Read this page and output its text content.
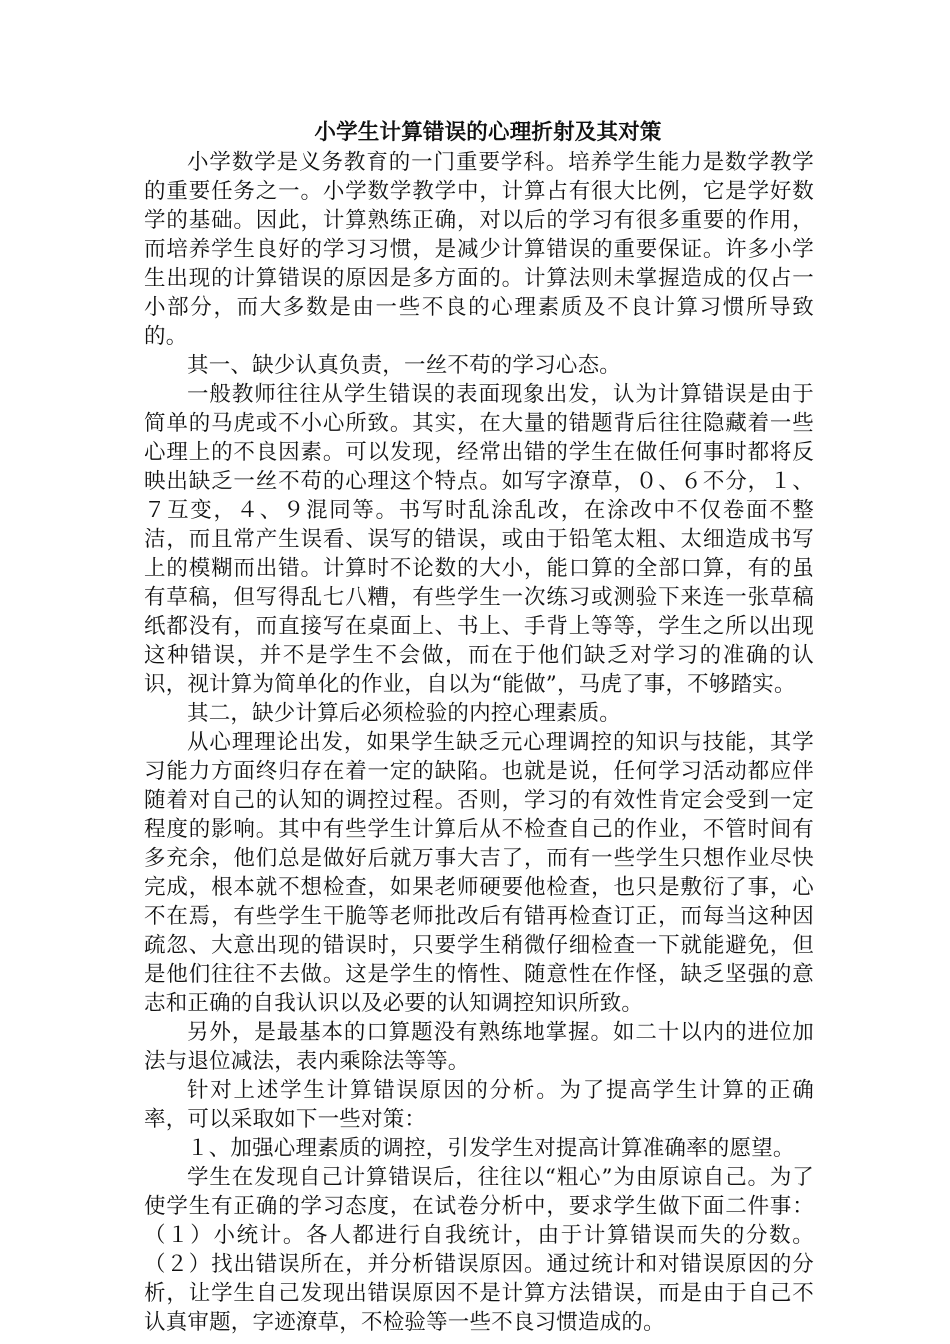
小学生计算错误的心理折射及其对策

小学数学是义务教育的一门重要学科。培养学生能力是数学教学的重要任务之一。小学数学教学中，计算占有很大比例，它是学好数学的基础。因此，计算熟练正确，对以后的学习有很多重要的作用，而培养学生良好的学习习惯，是减少计算错误的重要保证。许多小学生出现的计算错误的原因是多方面的。计算法则未掌握造成的仅占一小部分，而大多数是由一些不良的心理素质及不良计算习惯所导致的。

其一、缺少认真负责，一丝不苟的学习心态。

一般教师往往从学生错误的表面现象出发，认为计算错误是由于简单的马虎或不小心所致。其实，在大量的错题背后往往隐藏着一些心理上的不良因素。可以发现，经常出错的学生在做任何事时都将反映出缺乏一丝不苟的心理这个特点。如写字潦草，０、６不分，１、７互变，４、９混同等。书写时乱涂乱改，在涂改中不仅卷面不整洁，而且常产生误看、误写的错误，或由于铅笔太粗、太细造成书写上的模糊而出错。计算时不论数的大小，能口算的全部口算，有的虽有草稿，但写得乱七八糟，有些学生一次练习或测验下来连一张草稿纸都没有，而直接写在桌面上、书上、手背上等等，学生之所以出现这种错误，并不是学生不会做，而在于他们缺乏对学习的准确的认识，视计算为简单化的作业，自以为“能做”，马虎了事，不够踏实。

其二，缺少计算后必须检验的内控心理素质。

从心理理论出发，如果学生缺乏元心理调控的知识与技能，其学习能力方面终归存在着一定的缺陷。也就是说，任何学习活动都应伴随着对自己的认知的调控过程。否则，学习的有效性肯定会受到一定程度的影响。其中有些学生计算后从不检查自己的作业，不管时间有多充余，他们总是做好后就万事大吉了，而有一些学生只想作业尽快完成，根本就不想检查，如果老师硬要他检查，也只是敷衍了事，心不在焉，有些学生干脆等老师批改后有错再检查订正，而每当这种因疏忽、大意出现的错误时，只要学生稍微仔细检查一下就能避免，但是他们往往不去做。这是学生的惰性、随意性在作怪，缺乏坚强的意志和正确的自我认识以及必要的认知调控知识所致。

另外，是最基本的口算题没有熟练地掌握。如二十以内的进位加法与退位减法，表内乘除法等等。

针对上述学生计算错误原因的分析。为了提高学生计算的正确率，可以采取如下一些对策：

１、加强心理素质的调控，引发学生对提高计算准确率的愿望。

学生在发现自己计算错误后，往往以“粗心”为由原谅自己。为了使学生有正确的学习态度，在试卷分析中，要求学生做下面二件事：（１）小统计。各人都进行自我统计，由于计算错误而失的分数。（２）找出错误所在，并分析错误原因。通过统计和对错误原因的分析，让学生自己发现出错误原因不是计算方法错误，而是由于自己不认真审题，字迹潦草，不检验等一些不良习惯造成的。
